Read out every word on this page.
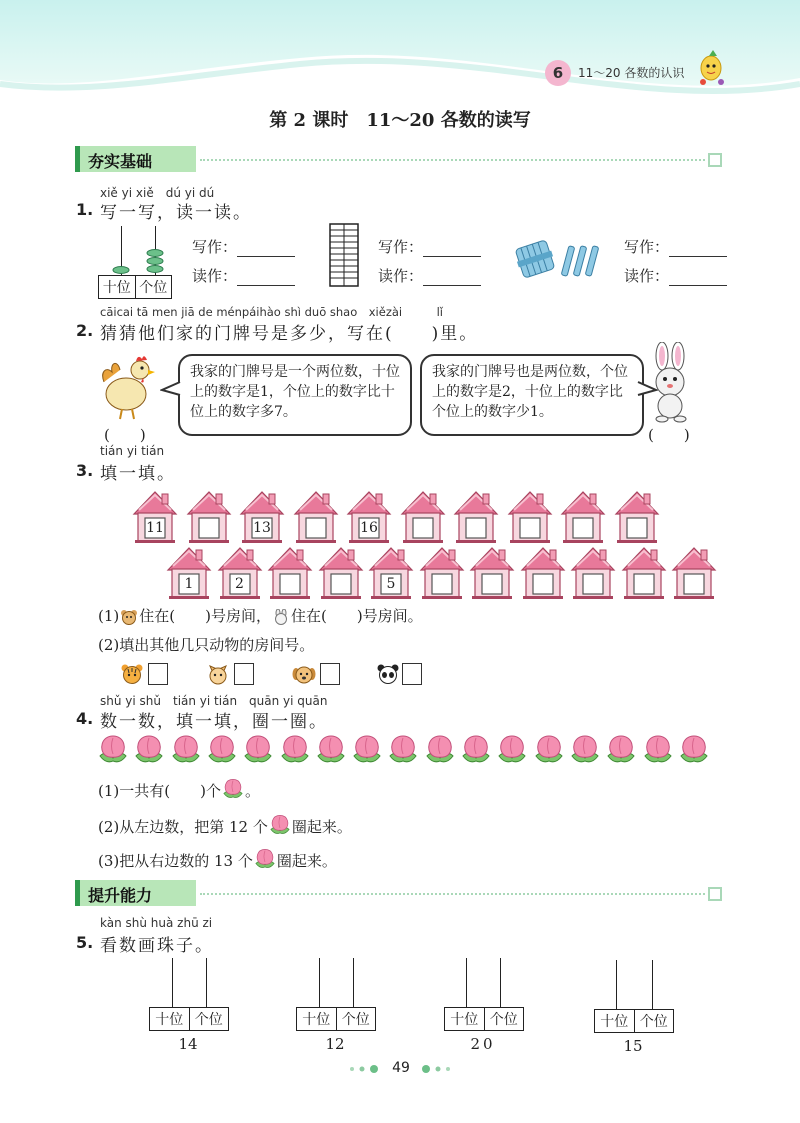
6	11～20 各数的认识
第 2 课时　11～20 各数的读写
夯实基础
xiě yi xiě　dú yi dú
1. 写一写，读一读。
十位 个位
写作：
读作：
写作：
读作：
写作：
读作：
cāicai tā men jiā de ménpáihào shì duō shao　xiězài　　　lǐ
2. 猜猜他们家的门牌号是多少，写在(　　)里。
我家的门牌号是一个两位数，十位上的数字是1，个位上的数字比十位上的数字多7。
(　　)
我家的门牌号也是两位数，个位上的数字是2，十位上的数字比个位上的数字少1。
(　　)
tián yi tián
3. 填一填。
11	13	16
1	2	5
(1) 住在(　　)号房间， 住在(　　)号房间。
(2)填出其他几只动物的房间号。
shǔ yi shǔ　tián yi tián　quān yi quān
4. 数一数，填一填，圈一圈。
(1)一共有(　　)个 。
(2)从左边数，把第 12 个 圈起来。
(3)把从右边数的 13 个 圈起来。
提升能力
kàn shù huà zhū zi
5. 看数画珠子。
十位 个位
14
十位 个位
12
十位 个位
20
十位 个位
15
49
